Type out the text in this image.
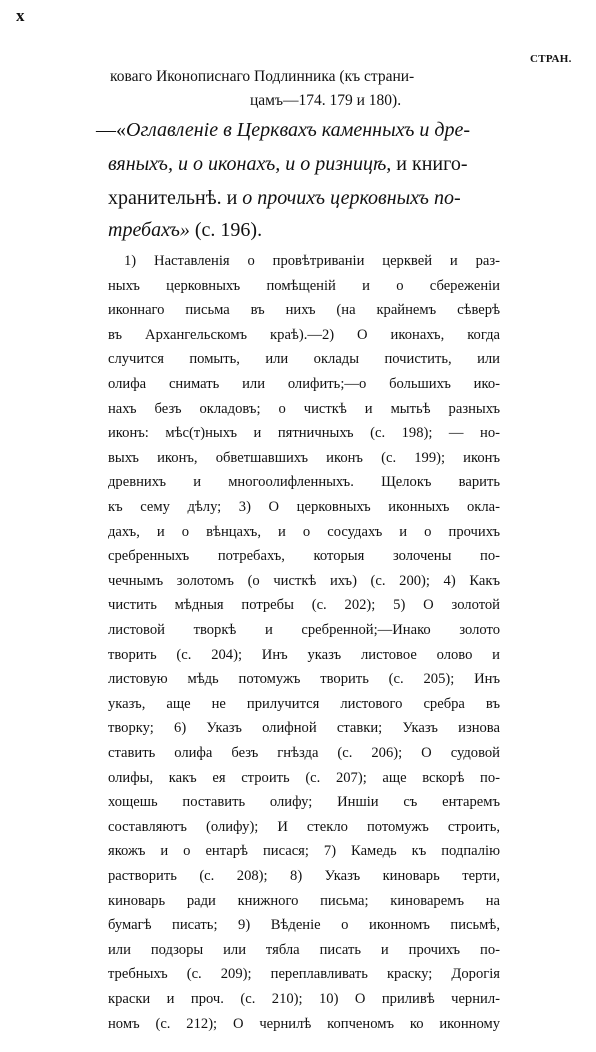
x
СТРАН.
коваго Иконописнаго Подлинника (къ страни-
цамъ—174. 179 и 180).
—«Оглавленіе в Церквахъ каменныхъ и дре-
вяныхъ, и о иконахъ, и о ризницѣ, и книго-
хранительнѣ. и о прочихъ церковныхъ по-
требахъ» (с. 196).
1) Наставленія о провѣтриваніи церквей и раз-
ныхъ церковныхъ помѣщеній и о сбереженіи
иконнаго письма въ нихъ (на крайнемъ сѣверѣ
въ Архангельскомъ краѣ).—2) О иконахъ, когда
случится помыть, или оклады почистить, или
олифа снимать или олифить;—о большихъ ико-
нахъ безъ окладовъ; о чисткѣ и мытьѣ разныхъ
иконъ: мѣс(т)ныхъ и пятничныхъ (с. 198); — но-
выхъ иконъ, обветшавшихъ иконъ (с. 199); иконъ
древнихъ и многоолифленныхъ. Щелокъ варить
къ сему дѣлу; 3) О церковныхъ иконныхъ окла-
дахъ, и о вѣнцахъ, и о сосудахъ и о прочихъ
сребренныхъ потребахъ, которыя золочены по-
чечнымъ золотомъ (о чисткѣ ихъ) (с. 200); 4) Какъ
чистить мѣдныя потребы (с. 202); 5) О золотой
листовой творкѣ и сребренной;—Инако золото
творить (с. 204); Инъ указъ листовое олово и
листовую мѣдь потомужъ творить (с. 205); Инъ
указъ, аще не прилучится листового сребра въ
творку; 6) Указъ олифной ставки; Указъ изнова
ставить олифа безъ гнѣзда (с. 206); О судовой
олифы, какъ ея строить (с. 207); аще вскорѣ по-
хощешь поставить олифу; Иншіи съ ентаремъ
составляютъ (олифу); И стекло потомужъ строить,
якожъ и о ентарѣ писася; 7) Камедь къ подпалію
растворить (с. 208); 8) Указъ киноварь терти,
киноварь ради книжного письма; киноваремъ на
бумагѣ писать; 9) Вѣденіе о иконномъ письмѣ,
или подзоры или тябла писать и прочихъ по-
требныхъ (с. 209); переплавливать краску; Дорогія
краски и проч. (с. 210); 10) О приливѣ чернил-
номъ (с. 212); О чернилѣ копченомъ ко иконному
